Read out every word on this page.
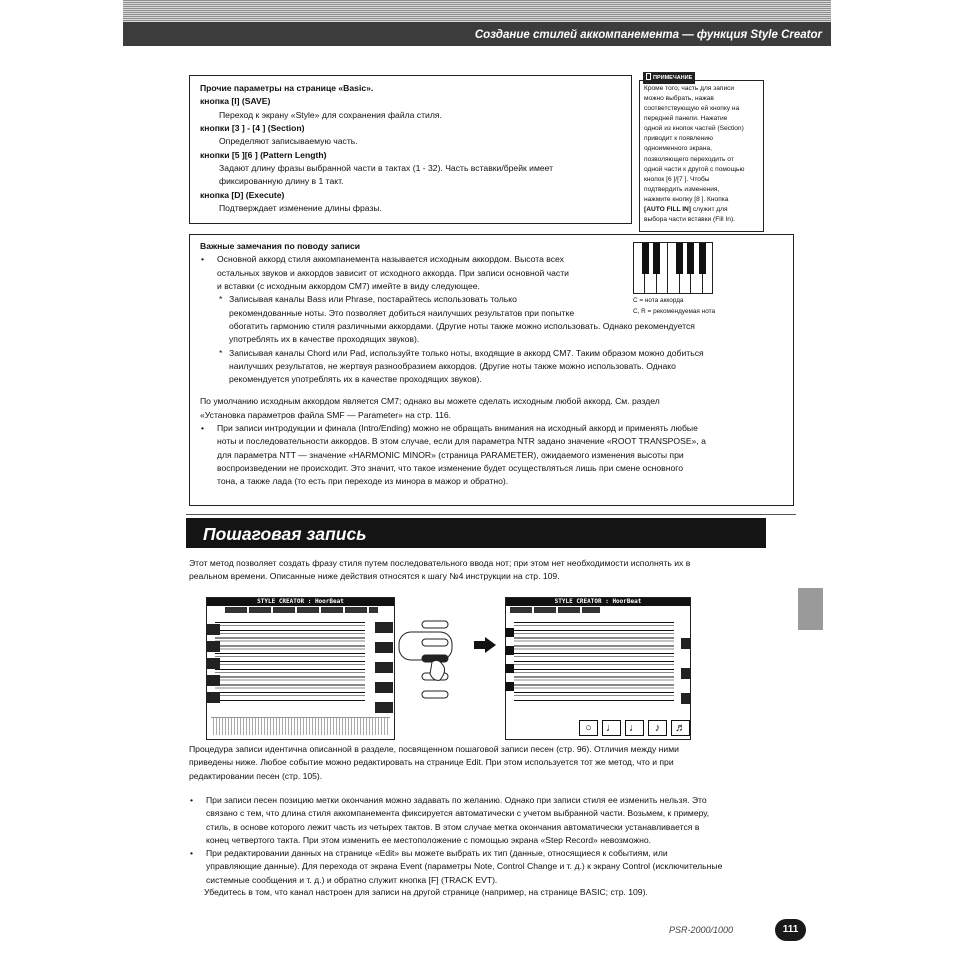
Создание стилей аккомпанемента — функция Style Creator
Прочие параметры на странице «Basic».
кнопка [I] (SAVE)
Переход к экрану «Style» для сохранения файла стиля.
кнопки [3 ] - [4 ] (Section)
Определяют записываемую часть.
кнопки [5 ][6 ] (Pattern Length)
Задают длину фразы выбранной части в тактах (1 - 32). Часть вставки/брейк имеет
фиксированную длину в 1 такт.
кнопка [D] (Execute)
Подтверждает изменение длины фразы.
ПРИМЕЧАНИЕ
Кроме того, часть для записи
можно выбрать, нажав
соответствующую ей кнопку на
передней панели. Нажатие
одной из кнопок частей (Section)
приводит к появлению
одноименного экрана,
позволяющего переходить от
одной части к другой с помощью
кнопок [6 ]/[7 ]. Чтобы
подтвердить изменения,
нажмите кнопку [8 ]. Кнопка
[AUTO FILL IN] служит для
выбора части вставки (Fill In).
Важные замечания по поводу записи
• Основной аккорд стиля аккомпанемента называется исходным аккордом. Высота всех
остальных звуков и аккордов зависит от исходного аккорда. При записи основной части
и вставки (с исходным аккордом CM7) имейте в виду следующее.
* Записывая каналы Bass или Phrase, постарайтесь использовать только
рекомендованные ноты. Это позволяет добиться наилучших результатов при попытке
обогатить гармонию стиля различными аккордами. (Другие ноты также можно использовать. Однако рекомендуется
употреблять их в качестве проходящих звуков).
* Записывая каналы Chord или Pad, используйте только ноты, входящие в аккорд CM7. Таким образом можно добиться
наилучших результатов, не жертвуя разнообразием аккордов. (Другие ноты также можно использовать. Однако
рекомендуется употреблять их в качестве проходящих звуков).
По умолчанию исходным аккордом является CM7; однако вы можете сделать исходным любой аккорд. См. раздел
«Установка параметров файла SMF — Parameter» на стр. 116.
• При записи интродукции и финала (Intro/Ending) можно не обращать внимания на исходный аккорд и применять любые
ноты и последовательности аккордов. В этом случае, если для параметра NTR задано значение «ROOT TRANSPOSE», а
для параметра NTT — значение «HARMONIC MINOR» (страница PARAMETER), ожидаемого изменения высоты при
воспроизведении не происходит. Это значит, что такое изменение будет осуществляться лишь при смене основного
тона, а также лада (то есть при переходе из минора в мажор и обратно).
C = нота аккорда
C, R = рекомендуемая нота
Пошаговая запись
Этот метод позволяет создать фразу стиля путем последовательного ввода нот; при этом нет необходимости исполнять их в
реальном времени. Описанные ниже действия относятся к шагу №4 инструкции на стр. 109.
STYLE CREATOR : HoorBeat	STYLE CREATOR : HoorBeat
○	♩	♩	♪	♬
Процедура записи идентична описанной в разделе, посвященном пошаговой записи песен (стр. 96). Отличия между ними
приведены ниже. Любое событие можно редактировать на странице Edit. При этом используется тот же метод, что и при
редактировании песен (стр. 105).
• При записи песен позицию метки окончания можно задавать по желанию. Однако при записи стиля ее изменить нельзя. Это
связано с тем, что длина стиля аккомпанемента фиксируется автоматически с учетом выбранной части. Возьмем, к примеру,
стиль, в основе которого лежит часть из четырех тактов. В этом случае метка окончания автоматически устанавливается в
конец четвертого такта. При этом изменить ее местоположение с помощью экрана «Step Record» невозможно.
• При редактировании данных на странице «Edit» вы можете выбрать их тип (данные, относящиеся к событиям, или
управляющие данные). Для перехода от экрана Event (параметры Note, Control Change и т. д.) к экрану Control (исключительные
системные сообщения и т. д.) и обратно служит кнопка [F] (TRACK EVT).
Убедитесь в том, что канал настроен для записи на другой странице (например, на странице BASIC; стр. 109).
PSR-2000/1000	111
